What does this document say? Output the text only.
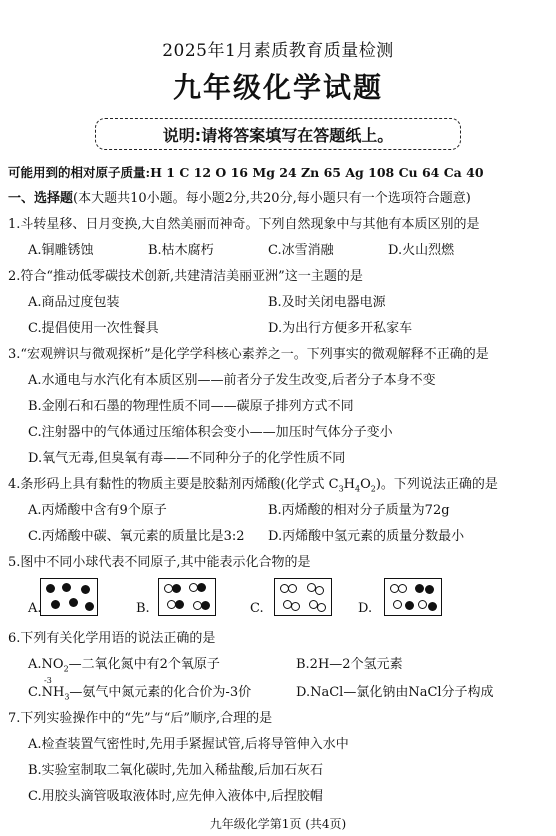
2025年1月素质教育质量检测
九年级化学试题
说明:请将答案填写在答题纸上。
可能用到的相对原子质量:H 1 C 12 O 16 Mg 24 Zn 65 Ag 108 Cu 64 Ca 40
一、选择题(本大题共10小题。每小题2分,共20分,每小题只有一个选项符合题意)
1.斗转星移、日月变换,大自然美丽而神奇。下列自然现象中与其他有本质区别的是
A.铜雕锈蚀	B.枯木腐朽	C.冰雪消融	D.火山烈燃
2.符合“推动低零碳技术创新,共建清洁美丽亚洲”这一主题的是
A.商品过度包装	B.及时关闭电器电源
C.提倡使用一次性餐具	D.为出行方便多开私家车
3.“宏观辨识与微观探析”是化学学科核心素养之一。下列事实的微观解释不正确的是
A.水通电与水汽化有本质区别——前者分子发生改变,后者分子本身不变
B.金刚石和石墨的物理性质不同——碳原子排列方式不同
C.注射器中的气体通过压缩体积会变小——加压时气体分子变小
D.氧气无毒,但臭氧有毒——不同种分子的化学性质不同
4.条形码上具有黏性的物质主要是胶黏剂丙烯酸(化学式 $C_3H_4O_2$)。下列说法正确的是
A.丙烯酸中含有9个原子	B.丙烯酸的相对分子质量为72g
C.丙烯酸中碳、氧元素的质量比是3:2 D.丙烯酸中氢元素的质量分数最小
5.图中不同小球代表不同原子,其中能表示化合物的是
A.	B.	C.	D.
6.下列有关化学用语的说法正确的是
$A.NO_2—$二氧化氮中有2个氧原子	B.2H—2个氢元素
-3
$C.NH_3—$氨气中氮元素的化合价为-3价	D.NaCl—氯化钠由NaCl分子构成
7.下列实验操作中的“先”与“后”顺序,合理的是
A.检查装置气密性时,先用手紧握试管,后将导管伸入水中
B.实验室制取二氧化碳时,先加入稀盐酸,后加石灰石
C.用胶头滴管吸取液体时,应先伸入液体中,后捏胶帽
九年级化学第1页 (共4页)
